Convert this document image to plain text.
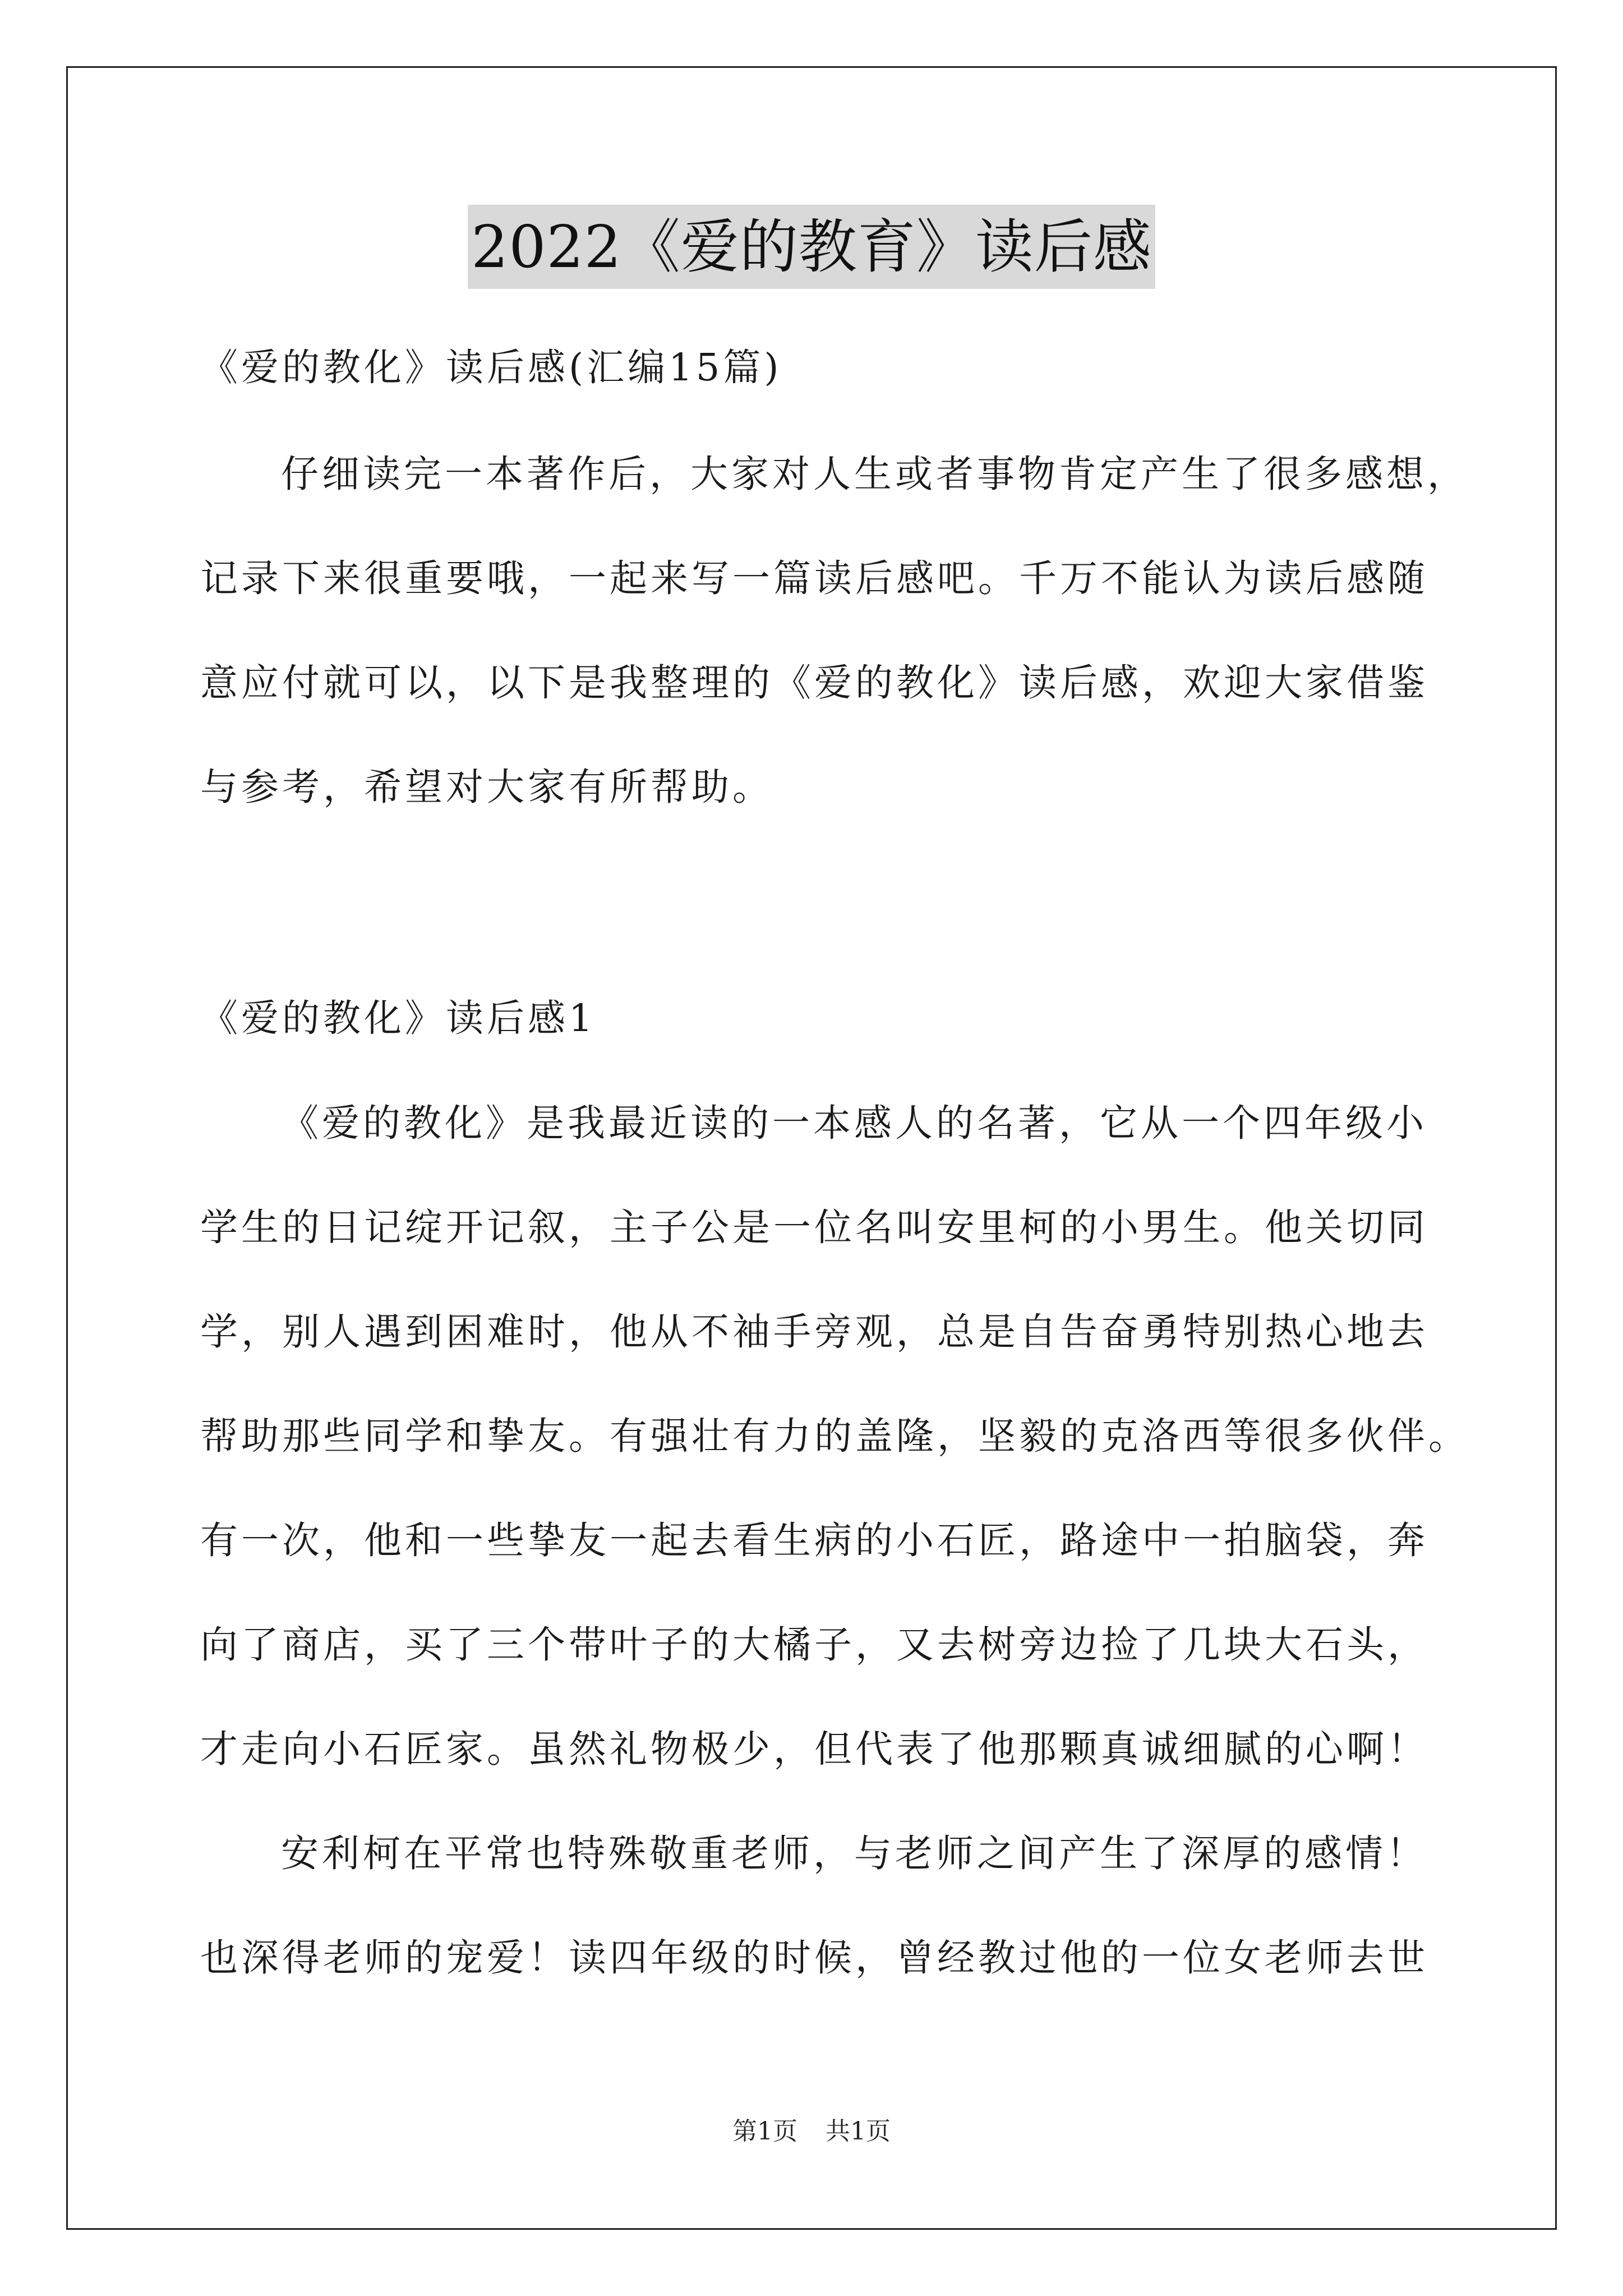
2022《爱的教育》读后感
《爱的教化》读后感(汇编15篇)
仔细读完一本著作后，大家对人生或者事物肯定产生了很多感想，
记录下来很重要哦，一起来写一篇读后感吧。千万不能认为读后感随
意应付就可以，以下是我整理的《爱的教化》读后感，欢迎大家借鉴
与参考，希望对大家有所帮助。
《爱的教化》读后感1
《爱的教化》是我最近读的一本感人的名著，它从一个四年级小
学生的日记绽开记叙，主子公是一位名叫安里柯的小男生。他关切同
学，别人遇到困难时，他从不袖手旁观，总是自告奋勇特别热心地去
帮助那些同学和挚友。有强壮有力的盖隆，坚毅的克洛西等很多伙伴。
有一次，他和一些挚友一起去看生病的小石匠，路途中一拍脑袋，奔
向了商店，买了三个带叶子的大橘子，又去树旁边捡了几块大石头，
才走向小石匠家。虽然礼物极少，但代表了他那颗真诚细腻的心啊！
安利柯在平常也特殊敬重老师，与老师之间产生了深厚的感情！
也深得老师的宠爱！读四年级的时候，曾经教过他的一位女老师去世
第1页 共1页
